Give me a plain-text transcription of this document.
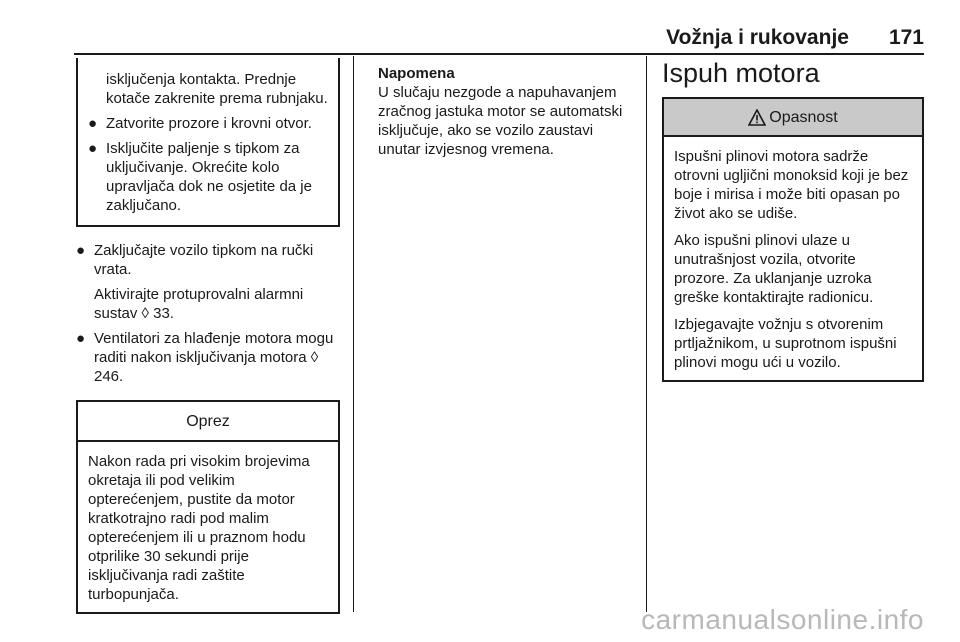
Vožnja i rukovanje 171

isključenja kontakta. Prednje kotače zakrenite prema rubnjaku.

● Zatvorite prozore i krovni otvor.
● Isključite paljenje s tipkom za uključivanje. Okrećite kolo upravljača dok ne osjetite da je zaključano.
● Zaključajte vozilo tipkom na ručki vrata.

Aktivirajte protuprovalni alarmni sustav ◊ 33.

● Ventilatori za hlađenje motora mogu raditi nakon isključivanja motora ◊ 246.
Oprez

Nakon rada pri visokim brojevima okretaja ili pod velikim opterećenjem, pustite da motor kratkotrajno radi pod malim opterećenjem ili u praznom hodu otprilike 30 sekundi prije isključivanja radi zaštite turbopunjača.

Napomena

U slučaju nezgode a napuhavanjem zračnog jastuka motor se automatski isključuje, ako se vozilo zaustavi unutar izvjesnog vremena.

Ispuh motora
Opasnost

Ispušni plinovi motora sadrže otrovni ugljični monoksid koji je bez boje i mirisa i može biti opasan po život ako se udiše.

Ako ispušni plinovi ulaze u unutrašnjost vozila, otvorite prozore. Za uklanjanje uzroka greške kontaktirajte radionicu.

Izbjegavajte vožnju s otvorenim prtljažnikom, u suprotnom ispušni plinovi mogu ući u vozilo.

carmanualsonline.info
